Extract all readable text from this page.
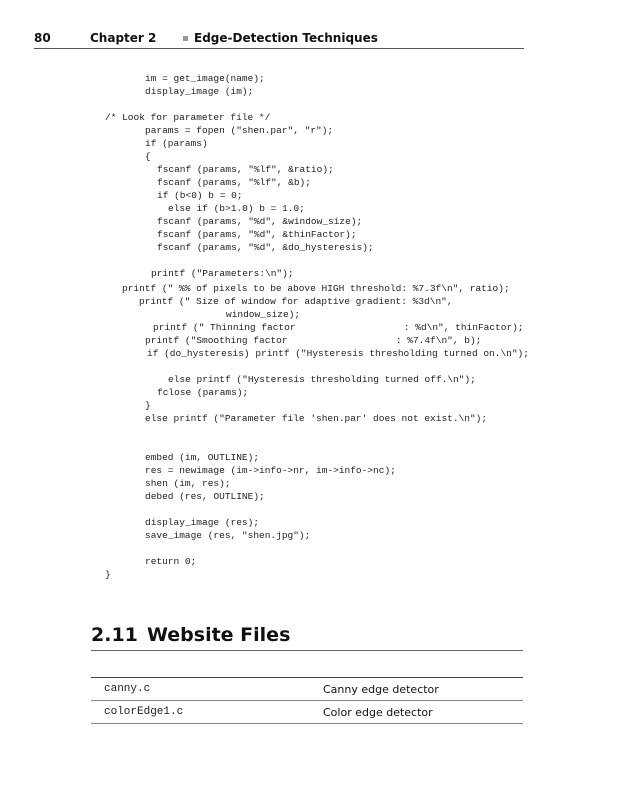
80	Chapter 2	Edge-Detection Techniques
im = get_image(name);
display_image (im);
/* Look for parameter file */
params = fopen ("shen.par", "r");
if (params)
{
fscanf (params, "%lf", &ratio);
fscanf (params, "%lf", &b);
if (b<0) b = 0;
else if (b>1.0) b = 1.0;
fscanf (params, "%d", &window_size);
fscanf (params, "%d", &thinFactor);
fscanf (params, "%d", &do_hysteresis);
printf ("Parameters:\n");
printf (" %% of pixels to be above HIGH threshold: %7.3f\n", ratio);
printf (" Size of window for adaptive gradient: %3d\n",
window_size);
printf (" Thinning factor                   : %d\n", thinFactor);
printf ("Smoothing factor                   : %7.4f\n", b);
if (do_hysteresis) printf ("Hysteresis thresholding turned on.\n");
else printf ("Hysteresis thresholding turned off.\n");
fclose (params);
}
else printf ("Parameter file 'shen.par' does not exist.\n");
embed (im, OUTLINE);
res = newimage (im->info->nr, im->info->nc);
shen (im, res);
debed (res, OUTLINE);
display_image (res);
save_image (res, "shen.jpg");
return 0;
}
2.11 Website Files
canny.c	Canny edge detector
colorEdge1.c	Color edge detector
